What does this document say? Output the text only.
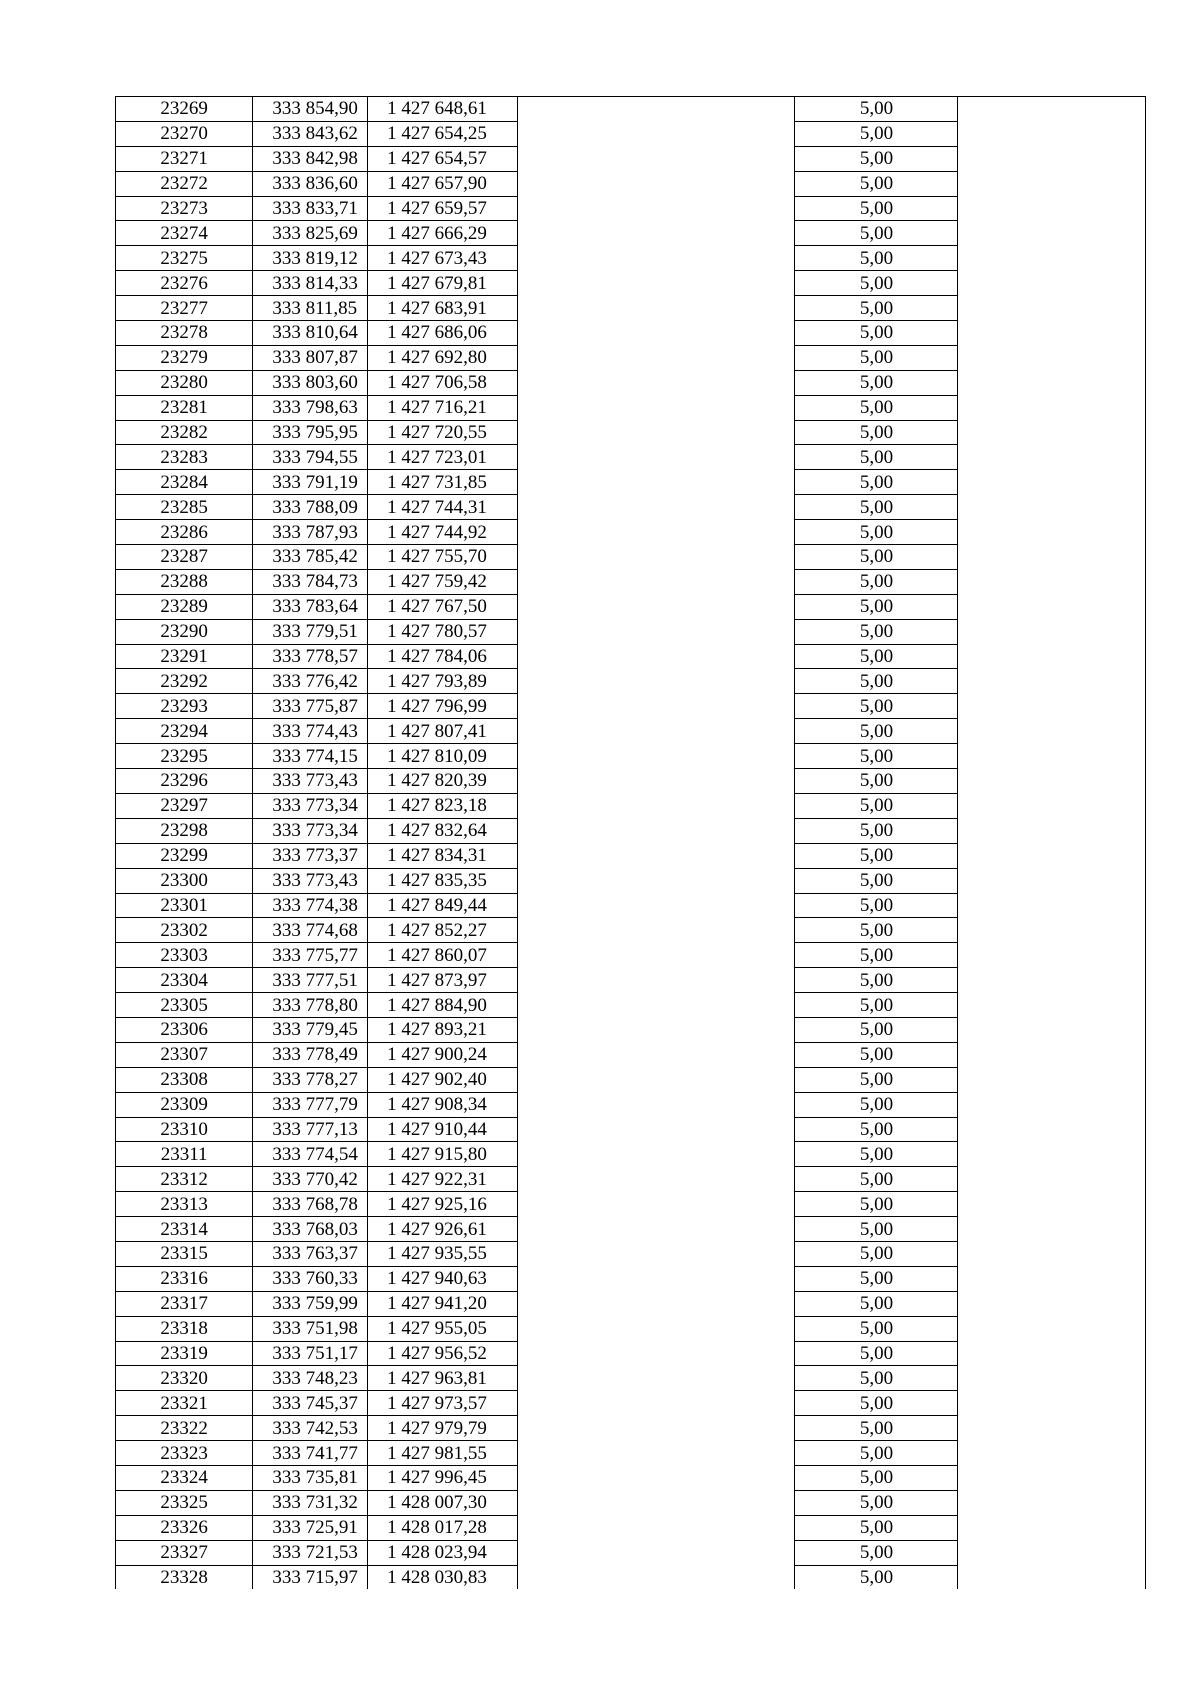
23269	333 854,90	1 427 648,61		5,00	
23270	333 843,62	1 427 654,25		5,00	
23271	333 842,98	1 427 654,57		5,00	
23272	333 836,60	1 427 657,90		5,00	
23273	333 833,71	1 427 659,57		5,00	
23274	333 825,69	1 427 666,29		5,00	
23275	333 819,12	1 427 673,43		5,00	
23276	333 814,33	1 427 679,81		5,00	
23277	333 811,85	1 427 683,91		5,00	
23278	333 810,64	1 427 686,06		5,00	
23279	333 807,87	1 427 692,80		5,00	
23280	333 803,60	1 427 706,58		5,00	
23281	333 798,63	1 427 716,21		5,00	
23282	333 795,95	1 427 720,55		5,00	
23283	333 794,55	1 427 723,01		5,00	
23284	333 791,19	1 427 731,85		5,00	
23285	333 788,09	1 427 744,31		5,00	
23286	333 787,93	1 427 744,92		5,00	
23287	333 785,42	1 427 755,70		5,00	
23288	333 784,73	1 427 759,42		5,00	
23289	333 783,64	1 427 767,50		5,00	
23290	333 779,51	1 427 780,57		5,00	
23291	333 778,57	1 427 784,06		5,00	
23292	333 776,42	1 427 793,89		5,00	
23293	333 775,87	1 427 796,99		5,00	
23294	333 774,43	1 427 807,41		5,00	
23295	333 774,15	1 427 810,09		5,00	
23296	333 773,43	1 427 820,39		5,00	
23297	333 773,34	1 427 823,18		5,00	
23298	333 773,34	1 427 832,64		5,00	
23299	333 773,37	1 427 834,31		5,00	
23300	333 773,43	1 427 835,35		5,00	
23301	333 774,38	1 427 849,44		5,00	
23302	333 774,68	1 427 852,27		5,00	
23303	333 775,77	1 427 860,07		5,00	
23304	333 777,51	1 427 873,97		5,00	
23305	333 778,80	1 427 884,90		5,00	
23306	333 779,45	1 427 893,21		5,00	
23307	333 778,49	1 427 900,24		5,00	
23308	333 778,27	1 427 902,40		5,00	
23309	333 777,79	1 427 908,34		5,00	
23310	333 777,13	1 427 910,44		5,00	
23311	333 774,54	1 427 915,80		5,00	
23312	333 770,42	1 427 922,31		5,00	
23313	333 768,78	1 427 925,16		5,00	
23314	333 768,03	1 427 926,61		5,00	
23315	333 763,37	1 427 935,55		5,00	
23316	333 760,33	1 427 940,63		5,00	
23317	333 759,99	1 427 941,20		5,00	
23318	333 751,98	1 427 955,05		5,00	
23319	333 751,17	1 427 956,52		5,00	
23320	333 748,23	1 427 963,81		5,00	
23321	333 745,37	1 427 973,57		5,00	
23322	333 742,53	1 427 979,79		5,00	
23323	333 741,77	1 427 981,55		5,00	
23324	333 735,81	1 427 996,45		5,00	
23325	333 731,32	1 428 007,30		5,00	
23326	333 725,91	1 428 017,28		5,00	
23327	333 721,53	1 428 023,94		5,00	
23328	333 715,97	1 428 030,83		5,00	
